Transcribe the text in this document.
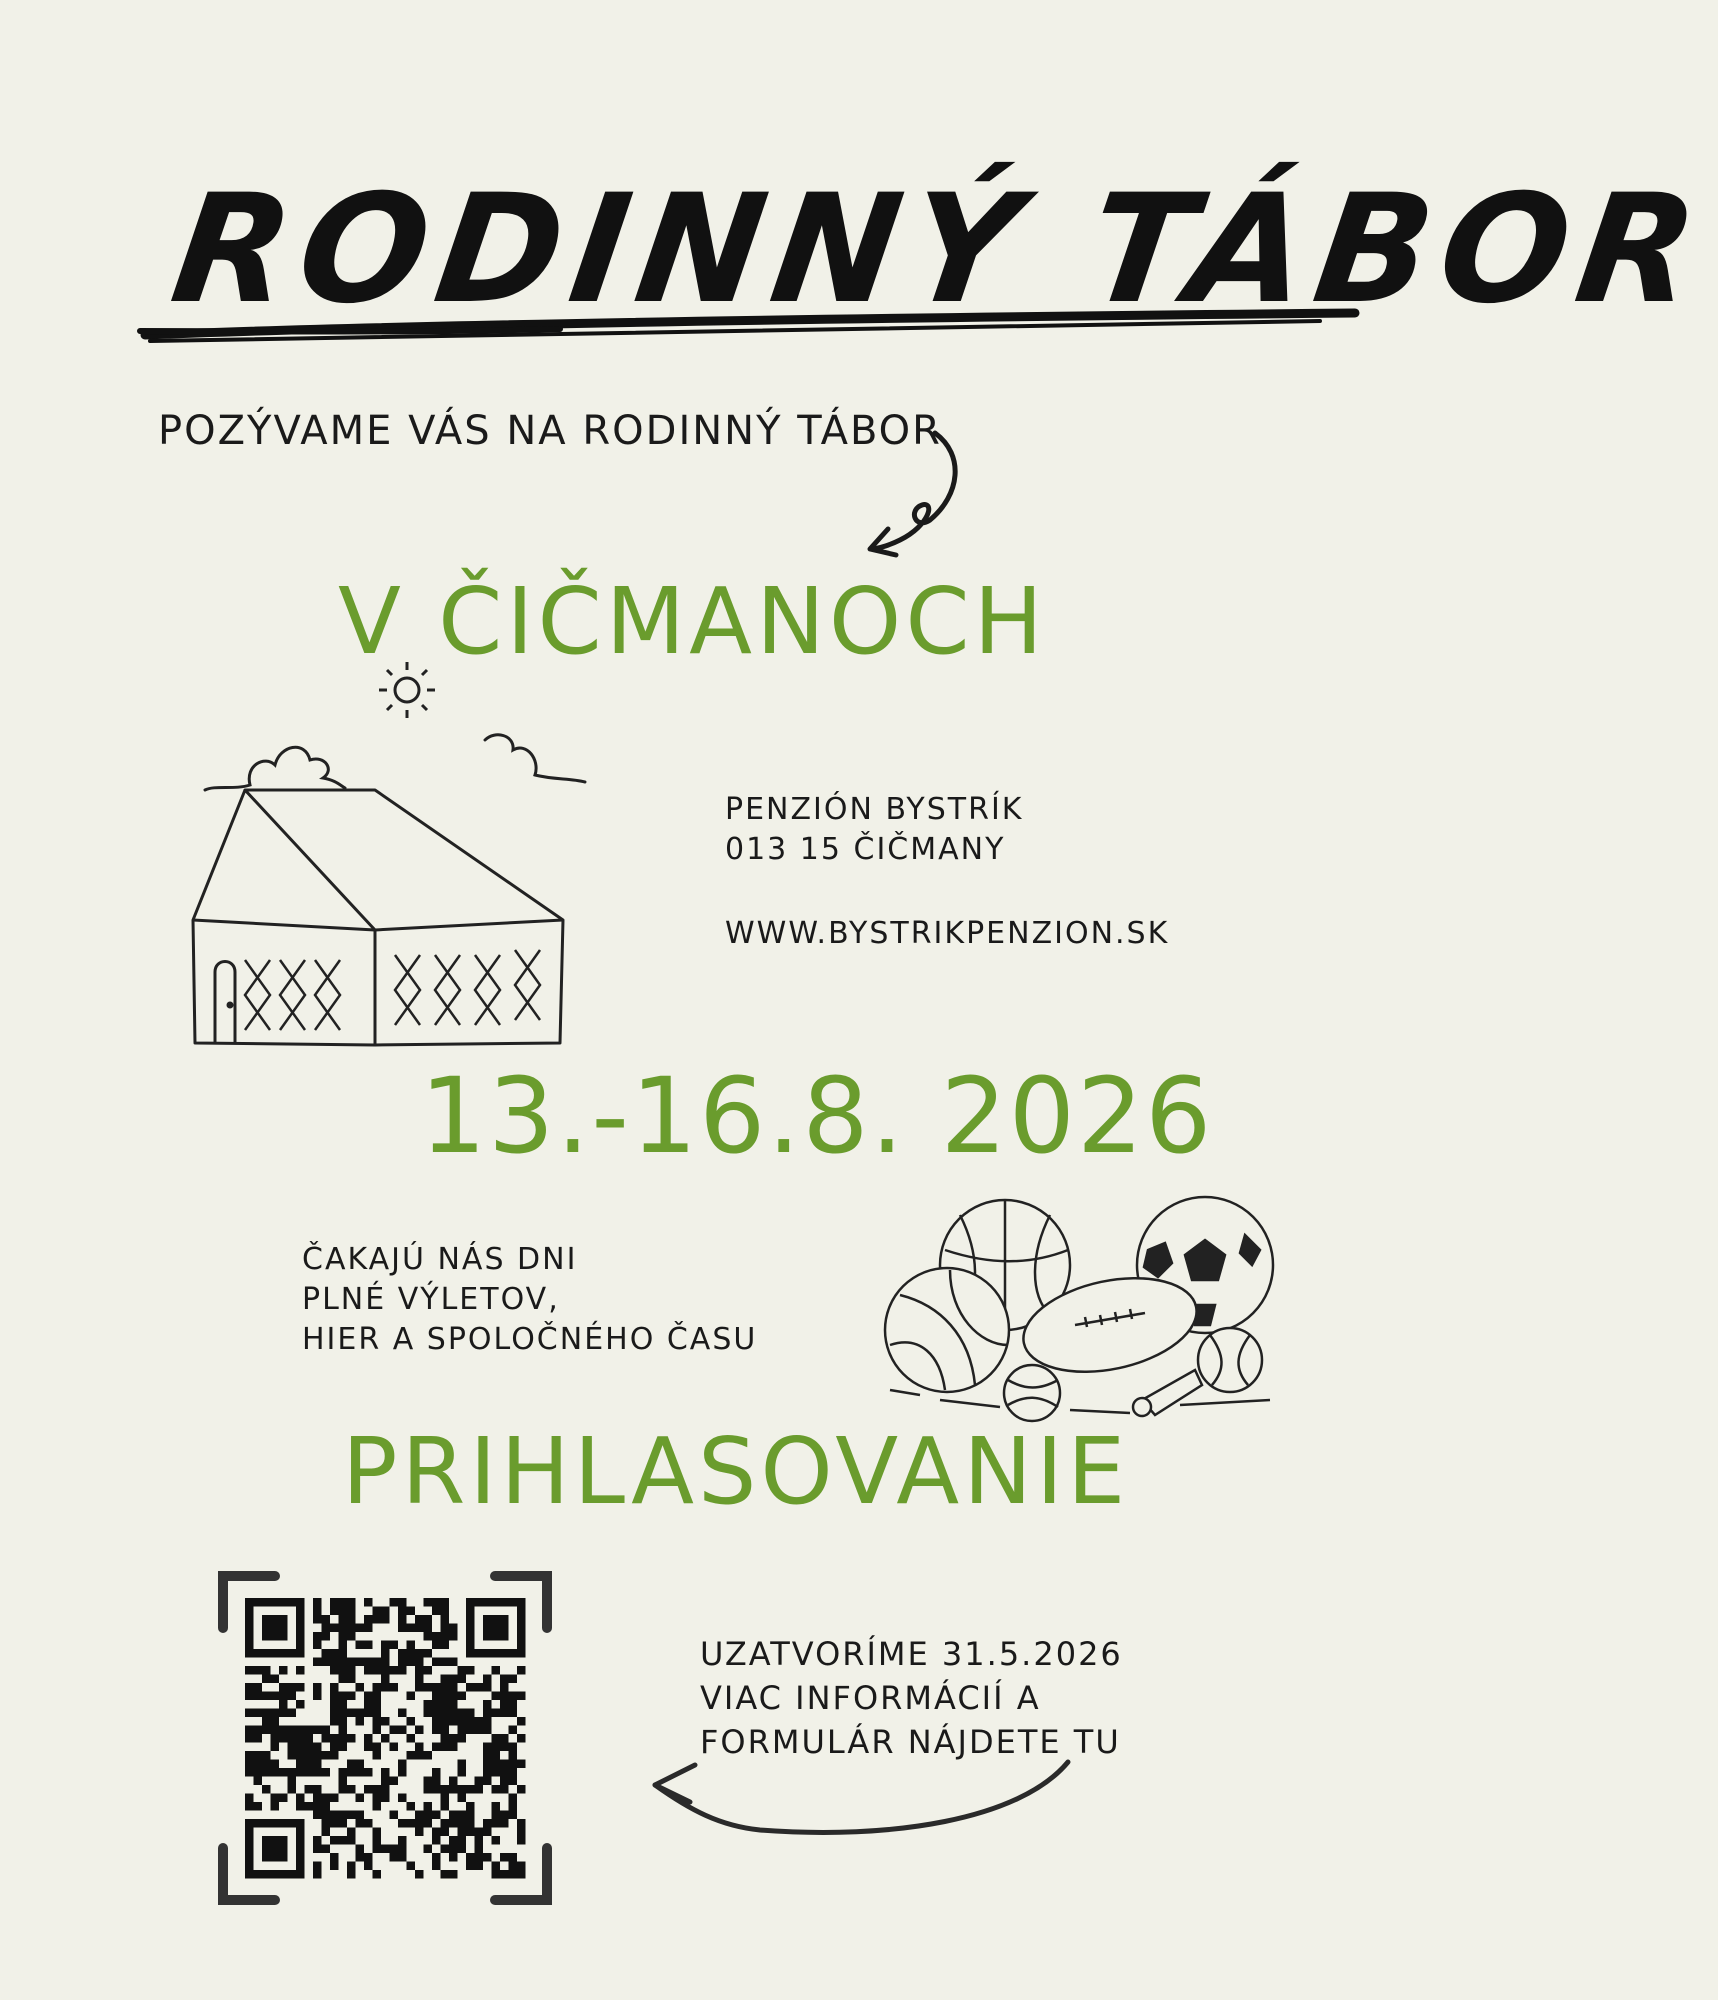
RODINNÝ TÁBOR
POZÝVAME VÁS NA RODINNÝ TÁBOR
V ČIČMANOCH
PENZIÓN BYSTRÍK
013 15 ČIČMANY
WWW.BYSTRIKPENZION.SK
13.-16.8. 2026
ČAKAJÚ NÁS DNI
PLNÉ VÝLETOV,
HIER A SPOLOČNÉHO ČASU
PRIHLASOVANIE
UZATVORÍME 31.5.2026
VIAC INFORMÁCIÍ A
FORMULÁR NÁJDETE TU
